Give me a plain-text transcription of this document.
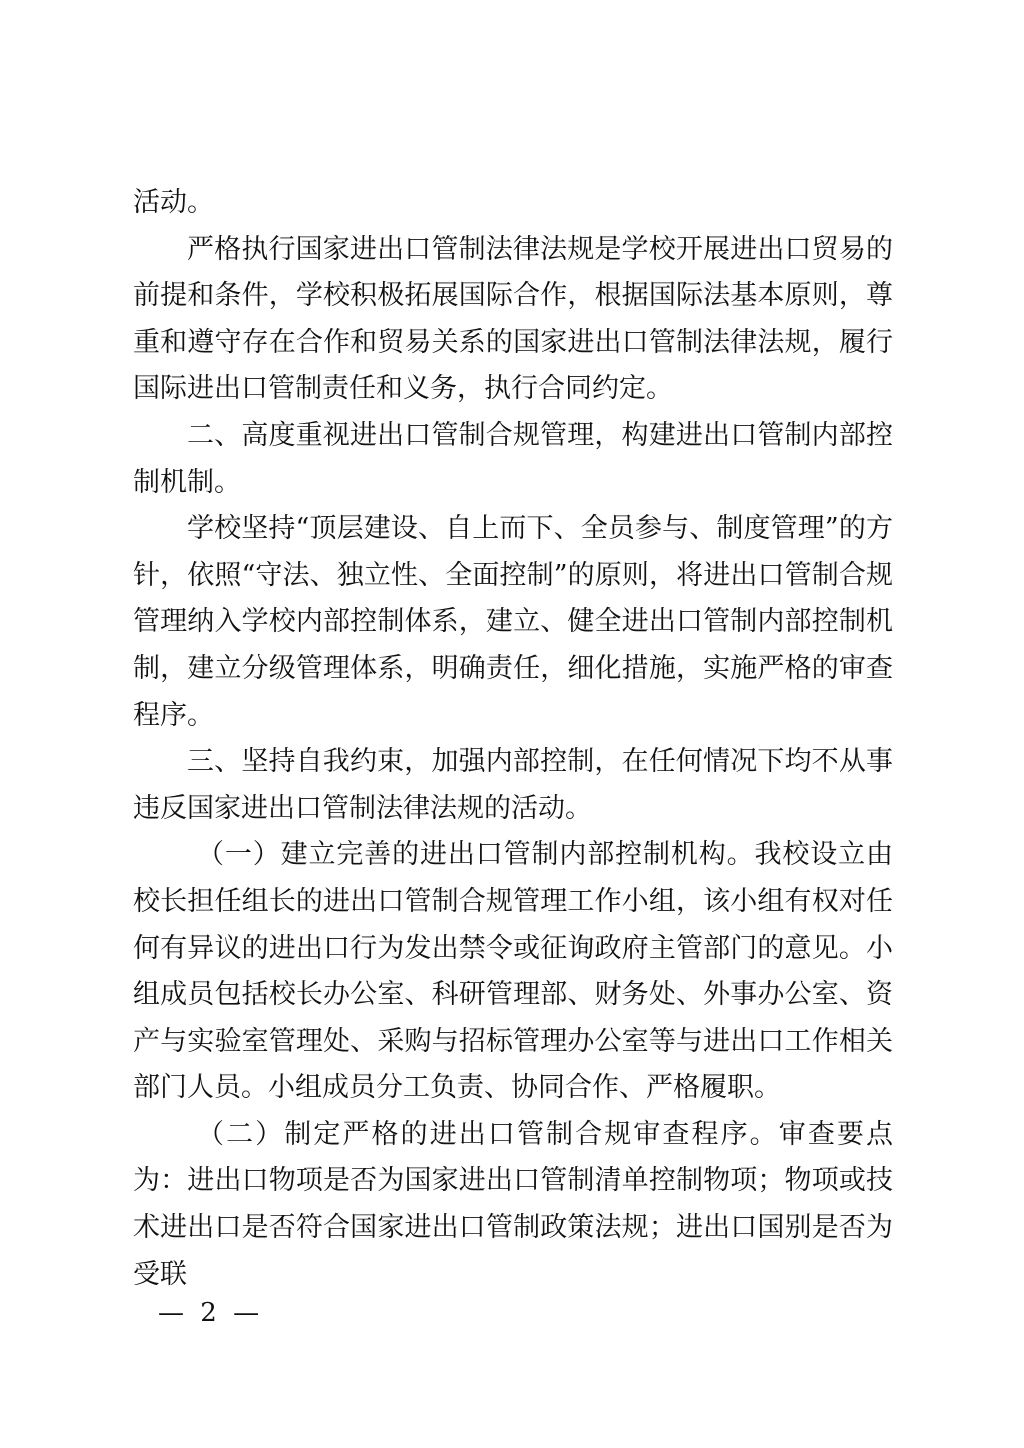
活动。

严格执行国家进出口管制法律法规是学校开展进出口贸易的前提和条件，学校积极拓展国际合作，根据国际法基本原则，尊重和遵守存在合作和贸易关系的国家进出口管制法律法规，履行国际进出口管制责任和义务，执行合同约定。

二、高度重视进出口管制合规管理，构建进出口管制内部控制机制。

学校坚持“顶层建设、自上而下、全员参与、制度管理”的方针，依照“守法、独立性、全面控制”的原则，将进出口管制合规管理纳入学校内部控制体系，建立、健全进出口管制内部控制机制，建立分级管理体系，明确责任，细化措施，实施严格的审查程序。

三、坚持自我约束，加强内部控制，在任何情况下均不从事违反国家进出口管制法律法规的活动。

（一）建立完善的进出口管制内部控制机构。我校设立由校长担任组长的进出口管制合规管理工作小组，该小组有权对任何有异议的进出口行为发出禁令或征询政府主管部门的意见。小组成员包括校长办公室、科研管理部、财务处、外事办公室、资产与实验室管理处、采购与招标管理办公室等与进出口工作相关部门人员。小组成员分工负责、协同合作、严格履职。

（二）制定严格的进出口管制合规审查程序。审查要点为：进出口物项是否为国家进出口管制清单控制物项；物项或技术进出口是否符合国家进出口管制政策法规；进出口国别是否为受联

— 2 —
